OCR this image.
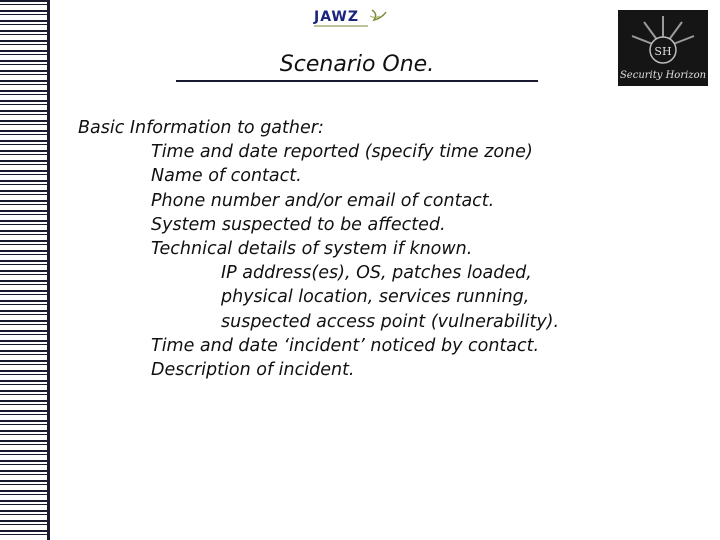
JAWZ
SH
Security Horizon
Scenario One.
Basic Information to gather:
Time and date reported (specify time zone)
Name of contact.
Phone number and/or email of contact.
System suspected to be affected.
Technical details of system if known.
IP address(es), OS, patches loaded,
physical location, services running,
suspected access point (vulnerability).
Time and date ‘incident’ noticed by contact.
Description of incident.
